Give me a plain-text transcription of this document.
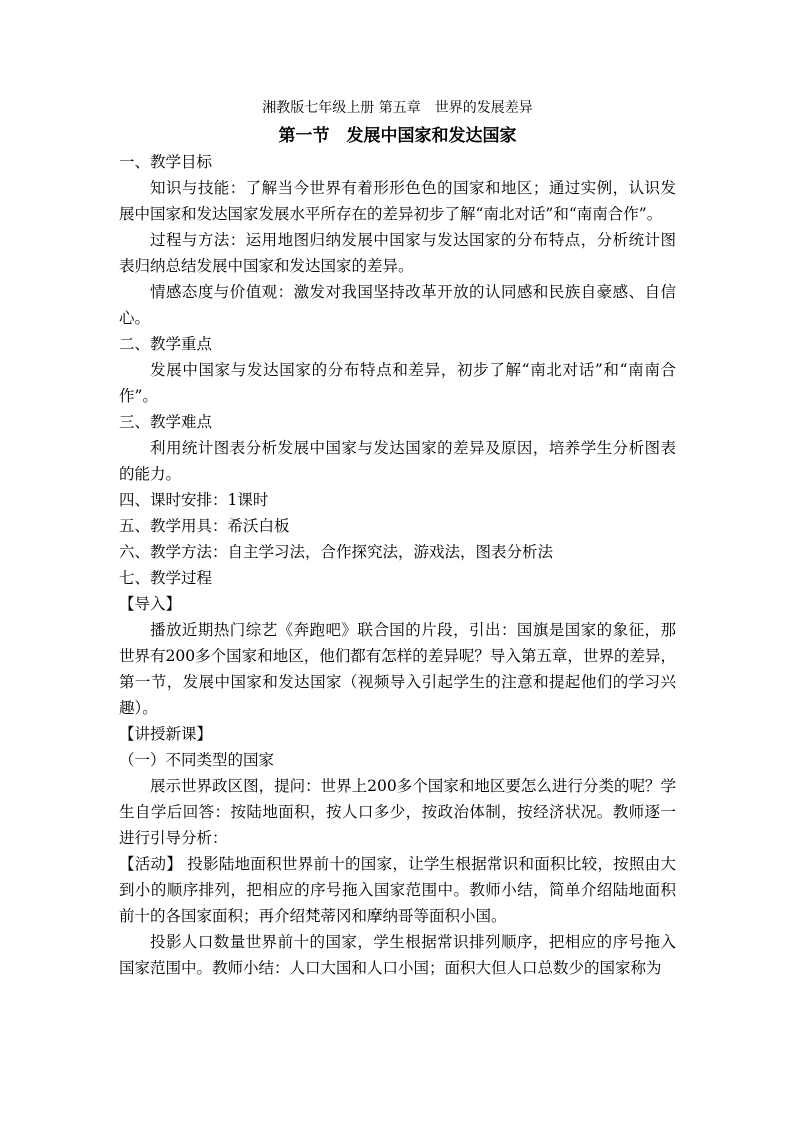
湘教版七年级上册 第五章　世界的发展差异
第一节　发展中国家和发达国家

一、教学目标

知识与技能：了解当今世界有着形形色色的国家和地区；通过实例，认识发展中国家和发达国家发展水平所存在的差异初步了解“南北对话”和“南南合作”。

过程与方法：运用地图归纳发展中国家与发达国家的分布特点，分析统计图表归纳总结发展中国家和发达国家的差异。

情感态度与价值观：激发对我国坚持改革开放的认同感和民族自豪感、自信心。

二、教学重点

发展中国家与发达国家的分布特点和差异，初步了解“南北对话”和“南南合作”。

三、教学难点

利用统计图表分析发展中国家与发达国家的差异及原因，培养学生分析图表的能力。

四、课时安排：1课时

五、教学用具：希沃白板

六、教学方法：自主学习法，合作探究法，游戏法，图表分析法

七、教学过程

【导入】

播放近期热门综艺《奔跑吧》联合国的片段，引出：国旗是国家的象征，那世界有200多个国家和地区，他们都有怎样的差异呢？导入第五章，世界的差异，第一节，发展中国家和发达国家（视频导入引起学生的注意和提起他们的学习兴趣）。

【讲授新课】

（一）不同类型的国家

展示世界政区图，提问：世界上200多个国家和地区要怎么进行分类的呢？学生自学后回答：按陆地面积，按人口多少，按政治体制，按经济状况。教师逐一进行引导分析：

【活动】 投影陆地面积世界前十的国家，让学生根据常识和面积比较，按照由大到小的顺序排列，把相应的序号拖入国家范围中。教师小结，简单介绍陆地面积前十的各国家面积；再介绍梵蒂冈和摩纳哥等面积小国。

投影人口数量世界前十的国家，学生根据常识排列顺序，把相应的序号拖入国家范围中。教师小结：人口大国和人口小国；面积大但人口总数少的国家称为
